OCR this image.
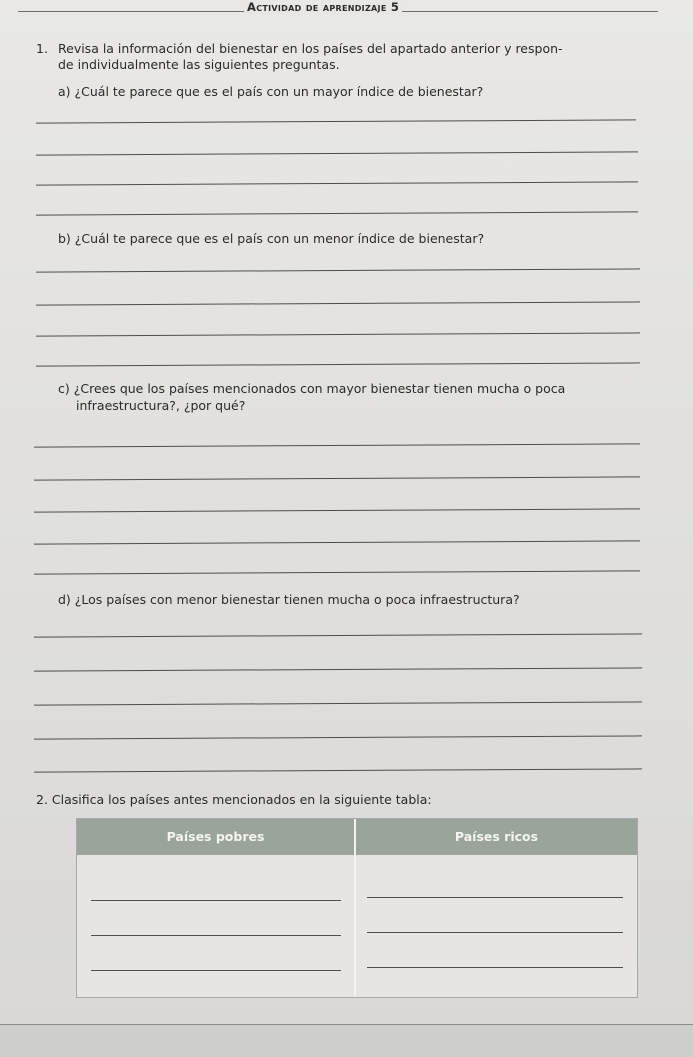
Actividad de aprendizaje 5
1. Revisa la información del bienestar en los países del apartado anterior y respon-
de individualmente las siguientes preguntas.
a) ¿Cuál te parece que es el país con un mayor índice de bienestar?
b) ¿Cuál te parece que es el país con un menor índice de bienestar?
c) ¿Crees que los países mencionados con mayor bienestar tienen mucha o poca
infraestructura?, ¿por qué?
d) ¿Los países con menor bienestar tienen mucha o poca infraestructura?
2. Clasifica los países antes mencionados en la siguiente tabla:
Países pobres	Países ricos
